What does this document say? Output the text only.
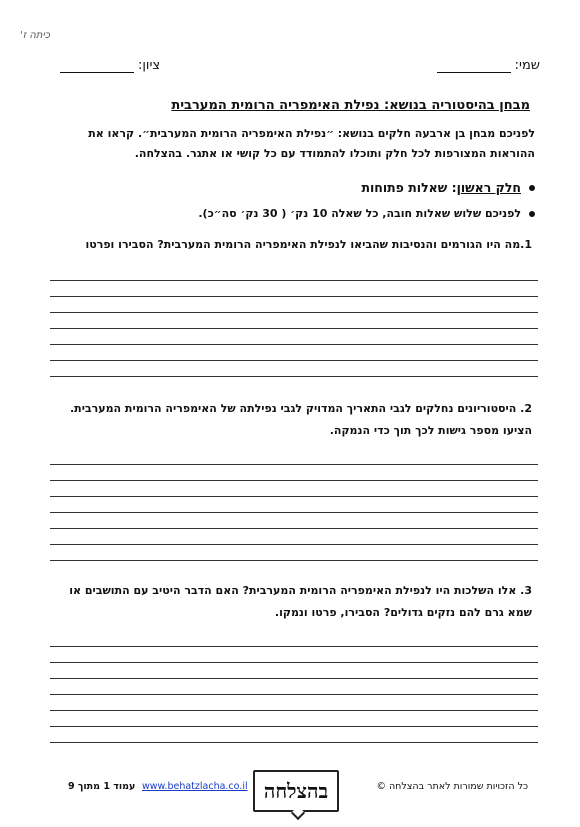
כיתה ז'
שמי:
ציון:
מבחן בהיסטוריה בנושא: נפילת האימפריה הרומית המערבית
לפניכם מבחן בן ארבעה חלקים בנושא: ״נפילת האימפריה הרומית המערבית״. קראו את ההוראות המצורפות לכל חלק ותוכלו להתמודד עם כל קושי או אתגר. בהצלחה.
חלק ראשון: שאלות פתוחות
לפניכם שלוש שאלות חובה, כל שאלה 10 נק׳ ( 30 נק׳ סה״כ).
1.מה היו הגורמים והנסיבות שהביאו לנפילת האימפריה הרומית המערבית? הסבירו ופרטו
2. היסטוריונים נחלקים לגבי התאריך המדויק לגבי נפילתה של האימפריה הרומית המערבית. הציעו מספר גישות לכך תוך כדי הנמקה.
3. אלו השלכות היו לנפילת האימפריה הרומית המערבית? האם הדבר היטיב עם התושבים או שמא גרם להם נזקים גדולים? הסבירו, פרטו ונמקו.
כל הזכויות שמורות לאתר בהצלחה ©
בהצלחה
www.behatzlacha.co.il
עמוד 1 מתוך 9
